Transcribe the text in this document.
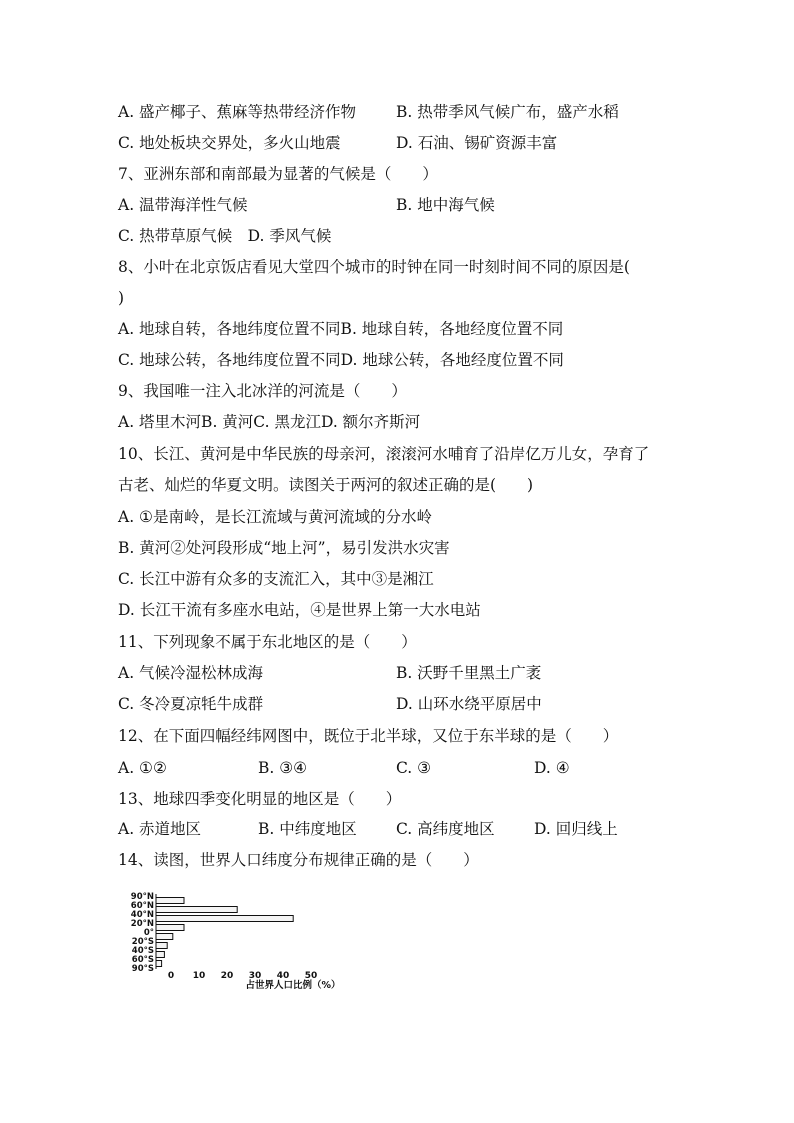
A. 盛产椰子、蕉麻等热带经济作物	B. 热带季风气候广布，盛产水稻
C. 地处板块交界处，多火山地震	D. 石油、锡矿资源丰富
7、亚洲东部和南部最为显著的气候是（　　）
A. 温带海洋性气候	B. 地中海气候
C. 热带草原气候　D. 季风气候
8、小叶在北京饭店看见大堂四个城市的时钟在同一时刻时间不同的原因是(
)
A. 地球自转，各地纬度位置不同B. 地球自转，各地经度位置不同
C. 地球公转，各地纬度位置不同D. 地球公转，各地经度位置不同
9、我国唯一注入北冰洋的河流是（　　）
A. 塔里木河B. 黄河C. 黑龙江D. 额尔齐斯河
10、长江、黄河是中华民族的母亲河，滚滚河水哺育了沿岸亿万儿女，孕育了
古老、灿烂的华夏文明。读图关于两河的叙述正确的是(　　)
A. ①是南岭，是长江流域与黄河流域的分水岭
B. 黄河②处河段形成“地上河”，易引发洪水灾害
C. 长江中游有众多的支流汇入，其中③是湘江
D. 长江干流有多座水电站，④是世界上第一大水电站
11、下列现象不属于东北地区的是（　　）
A. 气候冷湿松林成海	B. 沃野千里黑土广袤
C. 冬冷夏凉牦牛成群	D. 山环水绕平原居中
12、在下面四幅经纬网图中，既位于北半球，又位于东半球的是（　　）
A. ①②	B. ③④	C. ③	D. ④
13、地球四季变化明显的地区是（　　）
A. 赤道地区	B. 中纬度地区	C. 高纬度地区	D. 回归线上
14、读图，世界人口纬度分布规律正确的是（　　）
90°N
60°N
40°N
20°N
0°
20°S
40°S
60°S
90°S
0 10 20 30 40 50
占世界人口比例（%）
